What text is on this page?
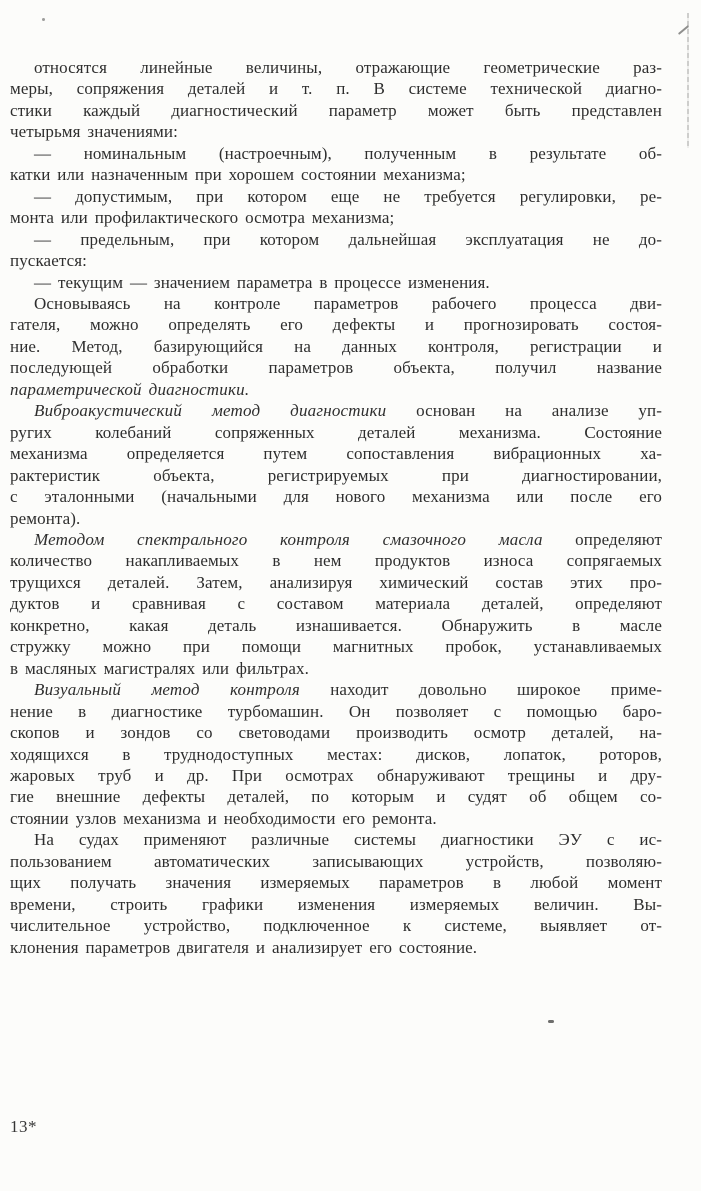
относятся линейные величины, отражающие геометрические раз-
меры, сопряжения деталей и т. п. В системе технической диагно-
стики каждый диагностический параметр может быть представлен
четырьмя значениями:
— номинальным (настроечным), полученным в результате об-
катки или назначенным при хорошем состоянии механизма;
— допустимым, при котором еще не требуется регулировки, ре-
монта или профилактического осмотра механизма;
— предельным, при котором дальнейшая эксплуатация не до-
пускается:
— текущим — значением параметра в процессе изменения.
Основываясь на контроле параметров рабочего процесса дви-
гателя, можно определять его дефекты и прогнозировать состоя-
ние. Метод, базирующийся на данных контроля, регистрации и
последующей обработки параметров объекта, получил название
параметрической диагностики.
Виброакустический метод диагностики основан на анализе уп-
ругих колебаний сопряженных деталей механизма. Состояние
механизма определяется путем сопоставления вибрационных ха-
рактеристик объекта, регистрируемых при диагностировании,
с эталонными (начальными для нового механизма или после его
ремонта).
Методом спектрального контроля смазочного масла определяют
количество накапливаемых в нем продуктов износа сопрягаемых
трущихся деталей. Затем, анализируя химический состав этих про-
дуктов и сравнивая с составом материала деталей, определяют
конкретно, какая деталь изнашивается. Обнаружить в масле
стружку можно при помощи магнитных пробок, устанавливаемых
в масляных магистралях или фильтрах.
Визуальный метод контроля находит довольно широкое приме-
нение в диагностике турбомашин. Он позволяет с помощью баро-
скопов и зондов со световодами производить осмотр деталей, на-
ходящихся в труднодоступных местах: дисков, лопаток, роторов,
жаровых труб и др. При осмотрах обнаруживают трещины и дру-
гие внешние дефекты деталей, по которым и судят об общем со-
стоянии узлов механизма и необходимости его ремонта.
На судах применяют различные системы диагностики ЭУ с ис-
пользованием автоматических записывающих устройств, позволяю-
щих получать значения измеряемых параметров в любой момент
времени, строить графики изменения измеряемых величин. Вы-
числительное устройство, подключенное к системе, выявляет от-
клонения параметров двигателя и анализирует его состояние.
13*
